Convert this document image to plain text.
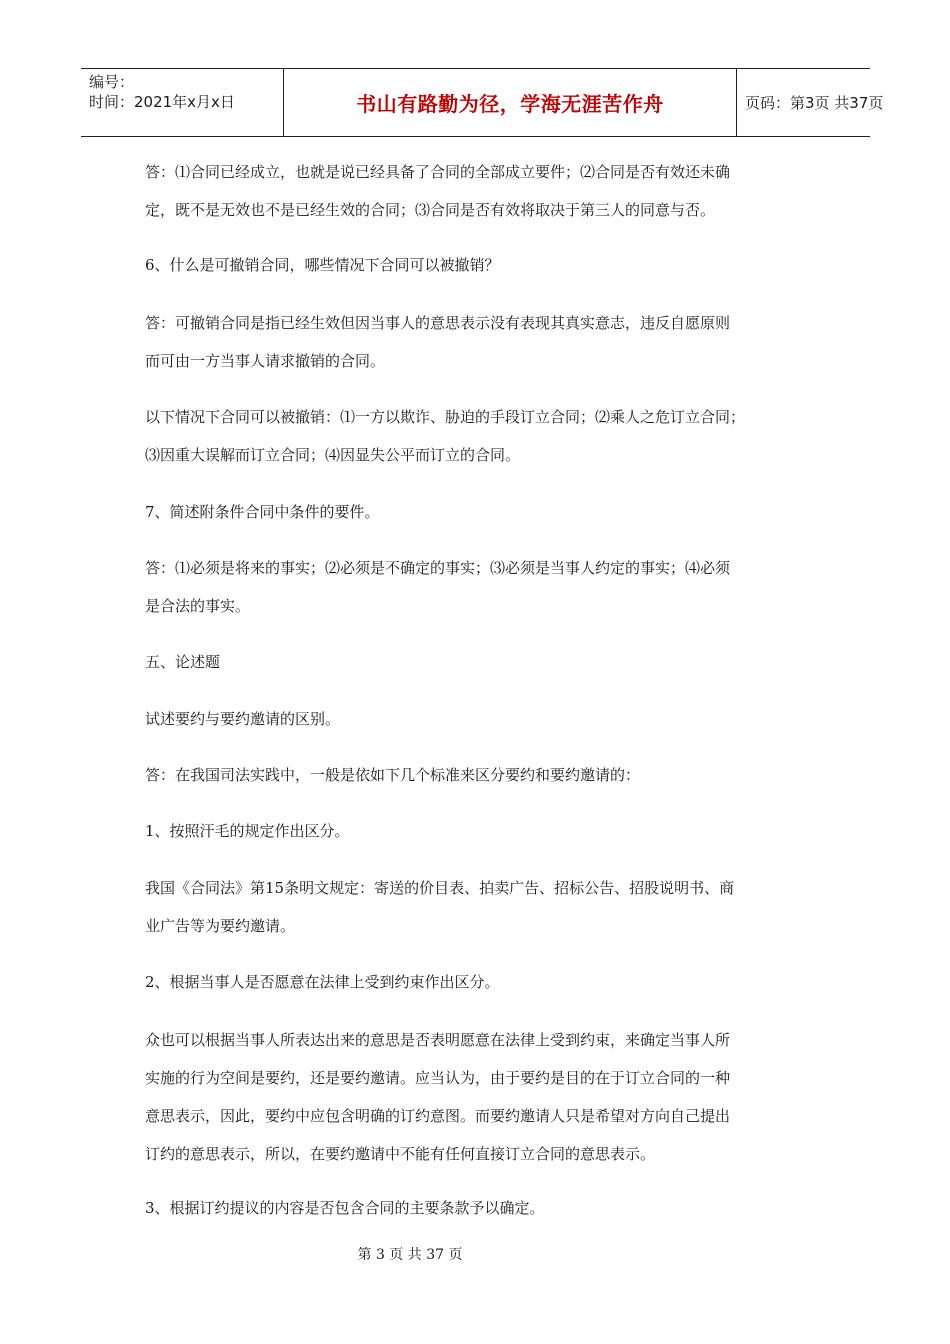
编号：
时间：2021年x月x日	书山有路勤为径，学海无涯苦作舟	页码：第3页 共37页
答：⑴合同已经成立，也就是说已经具备了合同的全部成立要件；⑵合同是否有效还未确
定，既不是无效也不是已经生效的合同；⑶合同是否有效将取决于第三人的同意与否。
6、什么是可撤销合同，哪些情况下合同可以被撤销？
答：可撤销合同是指已经生效但因当事人的意思表示没有表现其真实意志，违反自愿原则
而可由一方当事人请求撤销的合同。
以下情况下合同可以被撤销：⑴一方以欺诈、胁迫的手段订立合同；⑵乘人之危订立合同；
⑶因重大误解而订立合同；⑷因显失公平而订立的合同。
7、简述附条件合同中条件的要件。
答：⑴必须是将来的事实；⑵必须是不确定的事实；⑶必须是当事人约定的事实；⑷必须
是合法的事实。
五、论述题
试述要约与要约邀请的区别。
答：在我国司法实践中，一般是依如下几个标准来区分要约和要约邀请的：
1、按照汗毛的规定作出区分。
我国《合同法》第15条明文规定：寄送的价目表、拍卖广告、招标公告、招股说明书、商
业广告等为要约邀请。
2、根据当事人是否愿意在法律上受到约束作出区分。
众也可以根据当事人所表达出来的意思是否表明愿意在法律上受到约束，来确定当事人所
实施的行为空间是要约，还是要约邀请。应当认为，由于要约是目的在于订立合同的一种
意思表示，因此，要约中应包含明确的订约意图。而要约邀请人只是希望对方向自己提出
订约的意思表示，所以，在要约邀请中不能有任何直接订立合同的意思表示。
3、根据订约提议的内容是否包含合同的主要条款予以确定。
第 3 页 共 37 页
